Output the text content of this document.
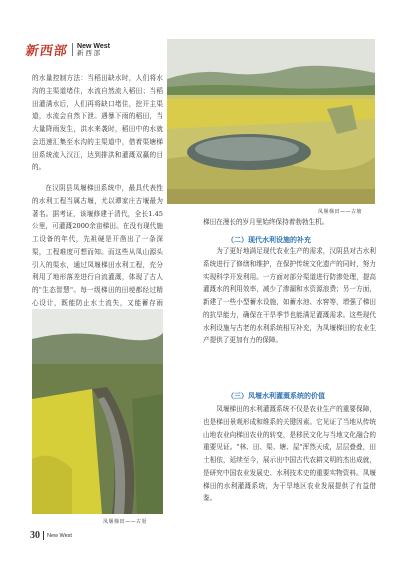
新西部 New West
新 西 部

的水量控制方法：当稻田缺水时，人们将水沟的主渠道堵住，水流自然流入稻田；当稻田灌满水后，人们再将缺口堵住，挖开主渠道，水流会自然下泄。遇暴下雨的稻田，当大量降雨发生，洪水来袭时，稻田中的水就会迅速汇集至水沟的主渠道中，借着渠塘梯田系统流入汉江，达到排洪和灌溉双赢的目的。

在汉阴县凤堰梯田系统中，最具代表性的水利工程当属古堰，尤以谭家庄古堰最为著名。据考证，该堰修建于清代，全长1.45公里，可灌溉2000余亩梯田。在没有现代施工设备的年代，先祖硬是开凿出了一条深渠，工程难度可想而知。而这些从凤山源头引入的渠水，通过凤堰梯田水利工程，充分利用了地形落差进行自流灌溉，体现了古人的"生态智慧"。每一级梯田的田埂都经过精心设计，既能防止水土流失，又能蓄存雨

凤堰梯田——古塘

梯田在漫长的岁月里始终保持着勃勃生机。

（二）现代水利设施的补充

为了更好地满足现代农业生产的需求，汉阴县对古水利系统进行了修缮和维护，在保护传统文化遗产的同时，努力实现科学开发利用。一方面对部分渠道进行防渗处理，提高灌溉水的利用效率，减少了渗漏和水资源浪费；另一方面，新建了一些小型蓄水设施，如蓄水池、水窖等，增强了梯田的抗旱能力，确保在干旱季节也能满足灌溉需求。这些现代水利设施与古老的水利系统相互补充，为凤堰梯田的农业生产提供了更加有力的保障。

（三）凤堰水利灌溉系统的价值

凤堰梯田的水利灌溉系统不仅是农业生产的重要保障，也是梯田景观形成和维系的关键因素。它见证了当地从传统山地农业向梯田农业的转变，是移民文化与当地文化融合的重要见证。"林、田、渠、塘、屋"浑然天成，层层叠叠，田土相依，延续至今，展示出中国古代农耕文明的杰出成就，是研究中国农业发展史、水利技术史的重要实物资料。凤堰梯田的水利灌溉系统，为干旱地区农业发展提供了有益借鉴。

凤堰梯田——古渠
30 New West
